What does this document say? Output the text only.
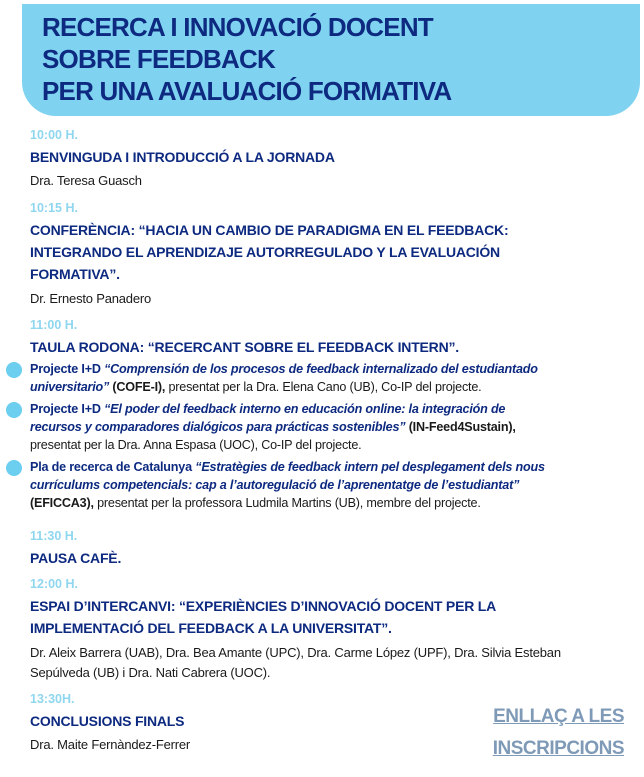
RECERCA I INNOVACIÓ DOCENT
SOBRE FEEDBACK
PER UNA AVALUACIÓ FORMATIVA
10:00 H.
BENVINGUDA I INTRODUCCIÓ A LA JORNADA
Dra. Teresa Guasch
10:15 H.
CONFERÈNCIA: “HACIA UN CAMBIO DE PARADIGMA EN EL FEEDBACK:
INTEGRANDO EL APRENDIZAJE AUTORREGULADO Y LA EVALUACIÓN
FORMATIVA”.
Dr. Ernesto Panadero
11:00 H.
TAULA RODONA: “RECERCANT SOBRE EL FEEDBACK INTERN”.
Projecte I+D “Comprensión de los procesos de feedback internalizado del estudiantado
universitario” (COFE-I), presentat per la Dra. Elena Cano (UB), Co-IP del projecte.
Projecte I+D “El poder del feedback interno en educación online: la integración de
recursos y comparadores dialógicos para prácticas sostenibles” (IN-Feed4Sustain),
presentat per la Dra. Anna Espasa (UOC), Co-IP del projecte.
Pla de recerca de Catalunya “Estratègies de feedback intern pel desplegament dels nous
currículums competencials: cap a l’autoregulació de l’aprenentatge de l’estudiantat”
(EFICCA3), presentat per la professora Ludmila Martins (UB), membre del projecte.
11:30 H.
PAUSA CAFÈ.
12:00 H.
ESPAI D’INTERCANVI: “EXPERIÈNCIES D’INNOVACIÓ DOCENT PER LA
IMPLEMENTACIÓ DEL FEEDBACK A LA UNIVERSITAT”.
Dr. Aleix Barrera (UAB), Dra. Bea Amante (UPC), Dra. Carme López (UPF), Dra. Silvia Esteban
Sepúlveda (UB) i Dra. Nati Cabrera (UOC).
13:30H.
CONCLUSIONS FINALS
Dra. Maite Fernàndez-Ferrer
ENLLAÇ A LES
INSCRIPCIONS
